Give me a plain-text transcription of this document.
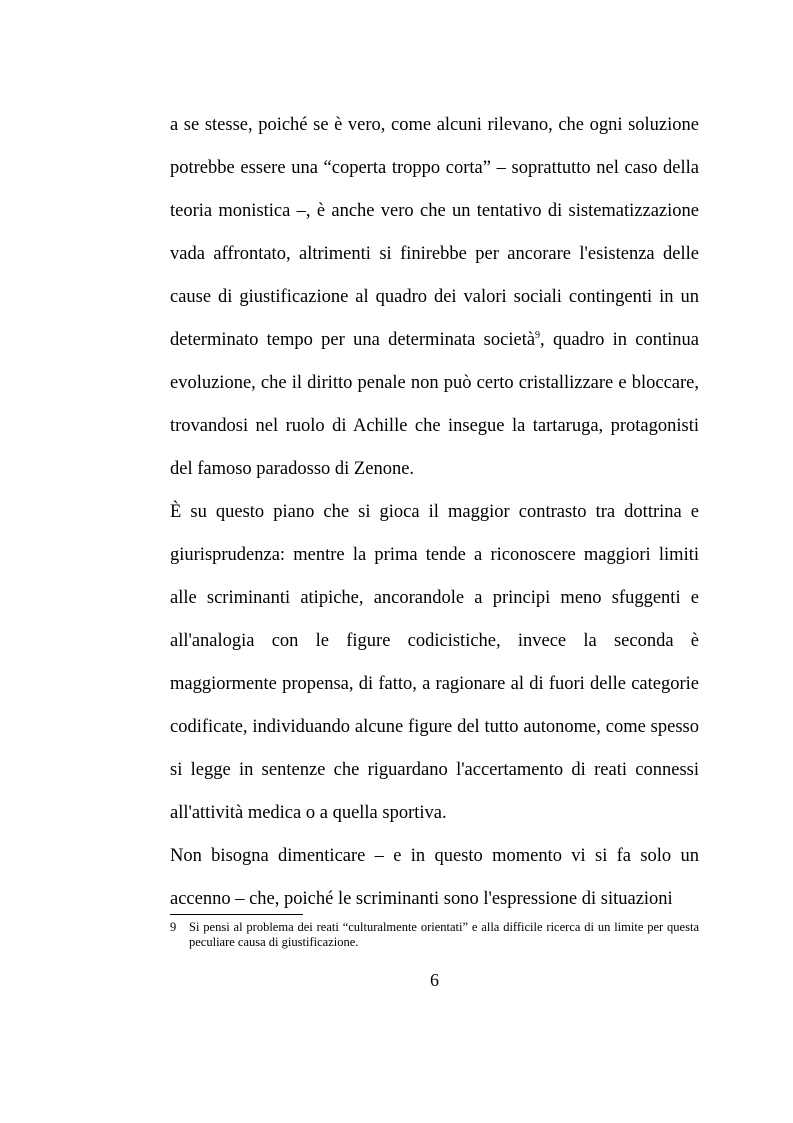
a se stesse, poiché se è vero, come alcuni rilevano, che ogni soluzione potrebbe essere una “coperta troppo corta” – soprattutto nel caso della teoria monistica –, è anche vero che un tentativo di sistematizzazione vada affrontato, altrimenti si finirebbe per ancorare l'esistenza delle cause di giustificazione al quadro dei valori sociali contingenti in un determinato tempo per una determinata società$^9$, quadro in continua evoluzione, che il diritto penale non può certo cristallizzare e bloccare, trovandosi nel ruolo di Achille che insegue la tartaruga, protagonisti del famoso paradosso di Zenone.

È su questo piano che si gioca il maggior contrasto tra dottrina e giurisprudenza: mentre la prima tende a riconoscere maggiori limiti alle scriminanti atipiche, ancorandole a principi meno sfuggenti e all'analogia con le figure codicistiche, invece la seconda è maggiormente propensa, di fatto, a ragionare al di fuori delle categorie codificate, individuando alcune figure del tutto autonome, come spesso si legge in sentenze che riguardano l'accertamento di reati connessi all'attività medica o a quella sportiva.

Non bisogna dimenticare – e in questo momento vi si fa solo un accenno – che, poiché le scriminanti sono l'espressione di situazioni

9 Si pensi al problema dei reati “culturalmente orientati” e alla difficile ricerca di un limite per questa peculiare causa di giustificazione.
6
